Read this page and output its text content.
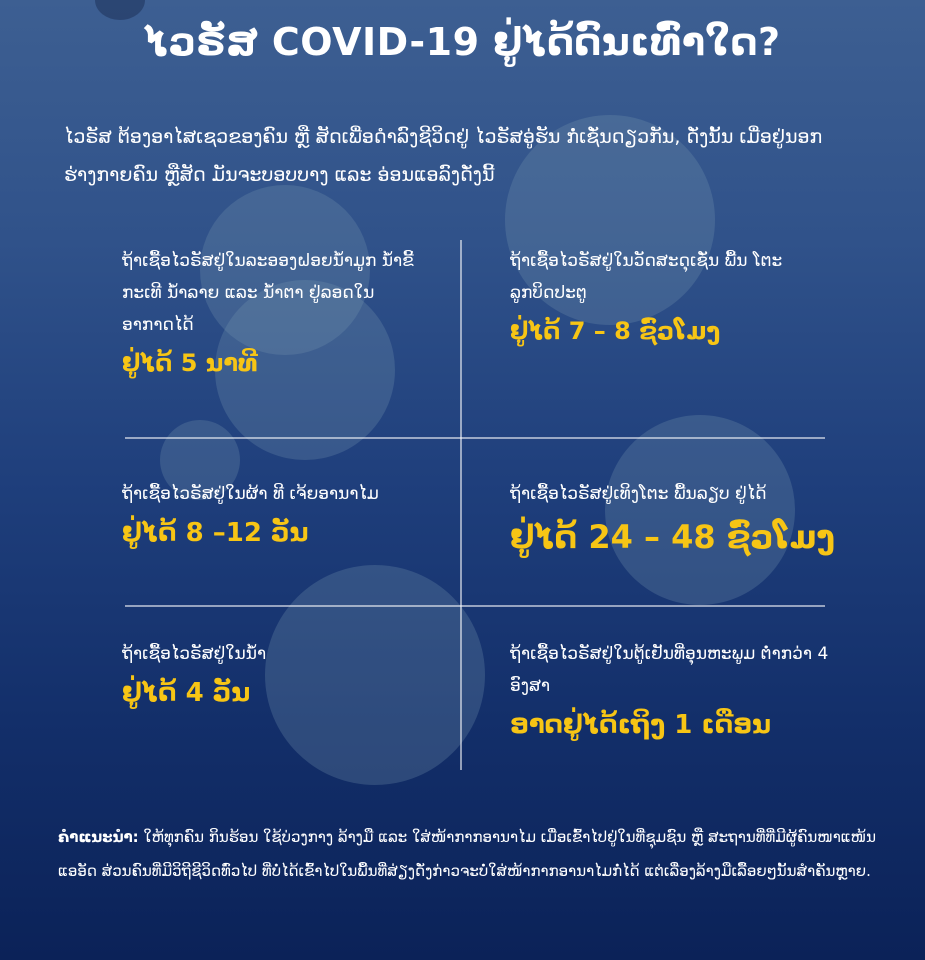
ໄວຣັສ COVID-19 ຢູ່ໄດ້ດົນເທົ່າໃດ?
ໄວຣັສ ຕ້ອງອາໄສເຊວຂອງຄົນ ຫຼື ສັດເພື່ອດຳລົງຊີວິດຢູ່ ໄວຣັສອູ່ຮັນ ກໍ່ເຊັ່ນດຽວກັນ, ດັ່ງນັ້ນ ເມື່ອຢູ່ນອກຮ່າງກາຍຄົນ ຫຼືສັດ ມັນຈະບອບບາງ ແລະ ອ່ອນແອລົງດັ່ງນີ້
ຖ້າເຊື້ອໄວຣັສຢູ່ໃນລະອອງຝອຍນ້ຳມູກ ນ້ຳຂີ້ກະເທີ ນ້ຳລາຍ ແລະ ນ້ຳຕາ ຢູ່ລອດໃນອາກາດໄດ້
ຢູ່ໄດ້ 5 ນາທີ
ຖ້າເຊື້ອໄວຣັສຢູ່ໃນວັດສະດຸເຊັ່ນ ພື້ນ ໂຕະ ລູກບິດປະຕູ
ຢູ່ໄດ້ 7 – 8 ຊົ່ວໂມງ
ຖ້າເຊື້ອໄວຣັສຢູ່ໃນຜ້າ ທີ ເຈ້ຍອານາໄມ
ຢູ່ໄດ້ 8 –12 ວັນ
ຖ້າເຊື້ອໄວຣັສຢູ່ເທິງໂຕະ ພື້ນລຽບ ຢູ່ໄດ້
ຢູ່ໄດ້ 24 – 48 ຊົ່ວໂມງ
ຖ້າເຊື້ອໄວຣັສຢູ່ໃນນ້ຳ
ຢູ່ໄດ້ 4 ວັນ
ຖ້າເຊື້ອໄວຣັສຢູ່ໃນຕູ້ເຢັນທີ່ອຸນຫະພູມ ຕ່ຳກວ່າ 4 ອົງສາ
ອາດຢູ່ໄດ້ເຖິງ 1 ເດືອນ
ຄຳແນະນຳ: ໃຫ້ທຸກຄົນ ກິນຮ້ອນ ໃຊ້ບ່ວງກາງ ລ້າງມື ແລະ ໃສ່ໜ້າກາກອານາໄມ ເມື່ອເຂົ້າໄປຢູ່ໃນທີ່ຊຸມຊົນ ຫຼື ສະຖານທີ່ທີ່ມີຜູ້ຄົນໜາແໜ້ນແອອັດ ສ່ວນຄົນທີ່ມີວິຖີຊີວິດທົ່ວໄປ ທີ່ບໍ່ໄດ້ເຂົ້າໄປໃນພື້ນທີ່ສ່ຽງດັ່ງກ່າວຈະບໍ່ໃສ່ໜ້າກາກອານາໄມກໍ່ໄດ້ ແຕ່ເລື່ອງລ້າງມືເລື້ອຍໆນັ້ນສຳຄັນຫຼາຍ.
